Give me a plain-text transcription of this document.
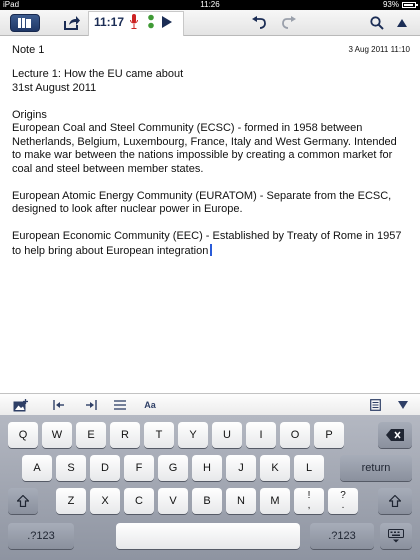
iPad	11:26	93%
11:17
Note 1	3 Aug 2011 11:10

Lecture 1: How the EU came about
31st August 2011

Origins
European Coal and Steel Community (ECSC) - formed in 1958 between Netherlands, Belgium, Luxembourg, France, Italy and West Germany. Intended to make war between the nations impossible by creating a common market for coal and steel between member states.

European Atomic Energy Community (EURATOM) - Separate from the ECSC, designed to look after nuclear power in Europe.

European Economic Community (EEC) - Established by Treaty of Rome in 1957 to help bring about European integration

Aa
Q	W	E	R	T	Y	U	I	O	P
A	S	D	F	G	H	J	K	L	return
Z	X	C	V	B	N	M	!
,
?
.
.?123	.?123
